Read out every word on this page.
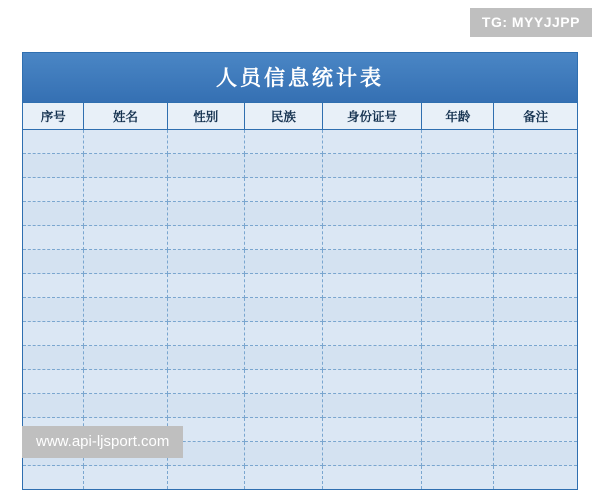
TG: MYYJJPP
人员信息统计表
序号	姓名	性别	民族	身份证号	年龄	备注

www.api-ljsport.com
